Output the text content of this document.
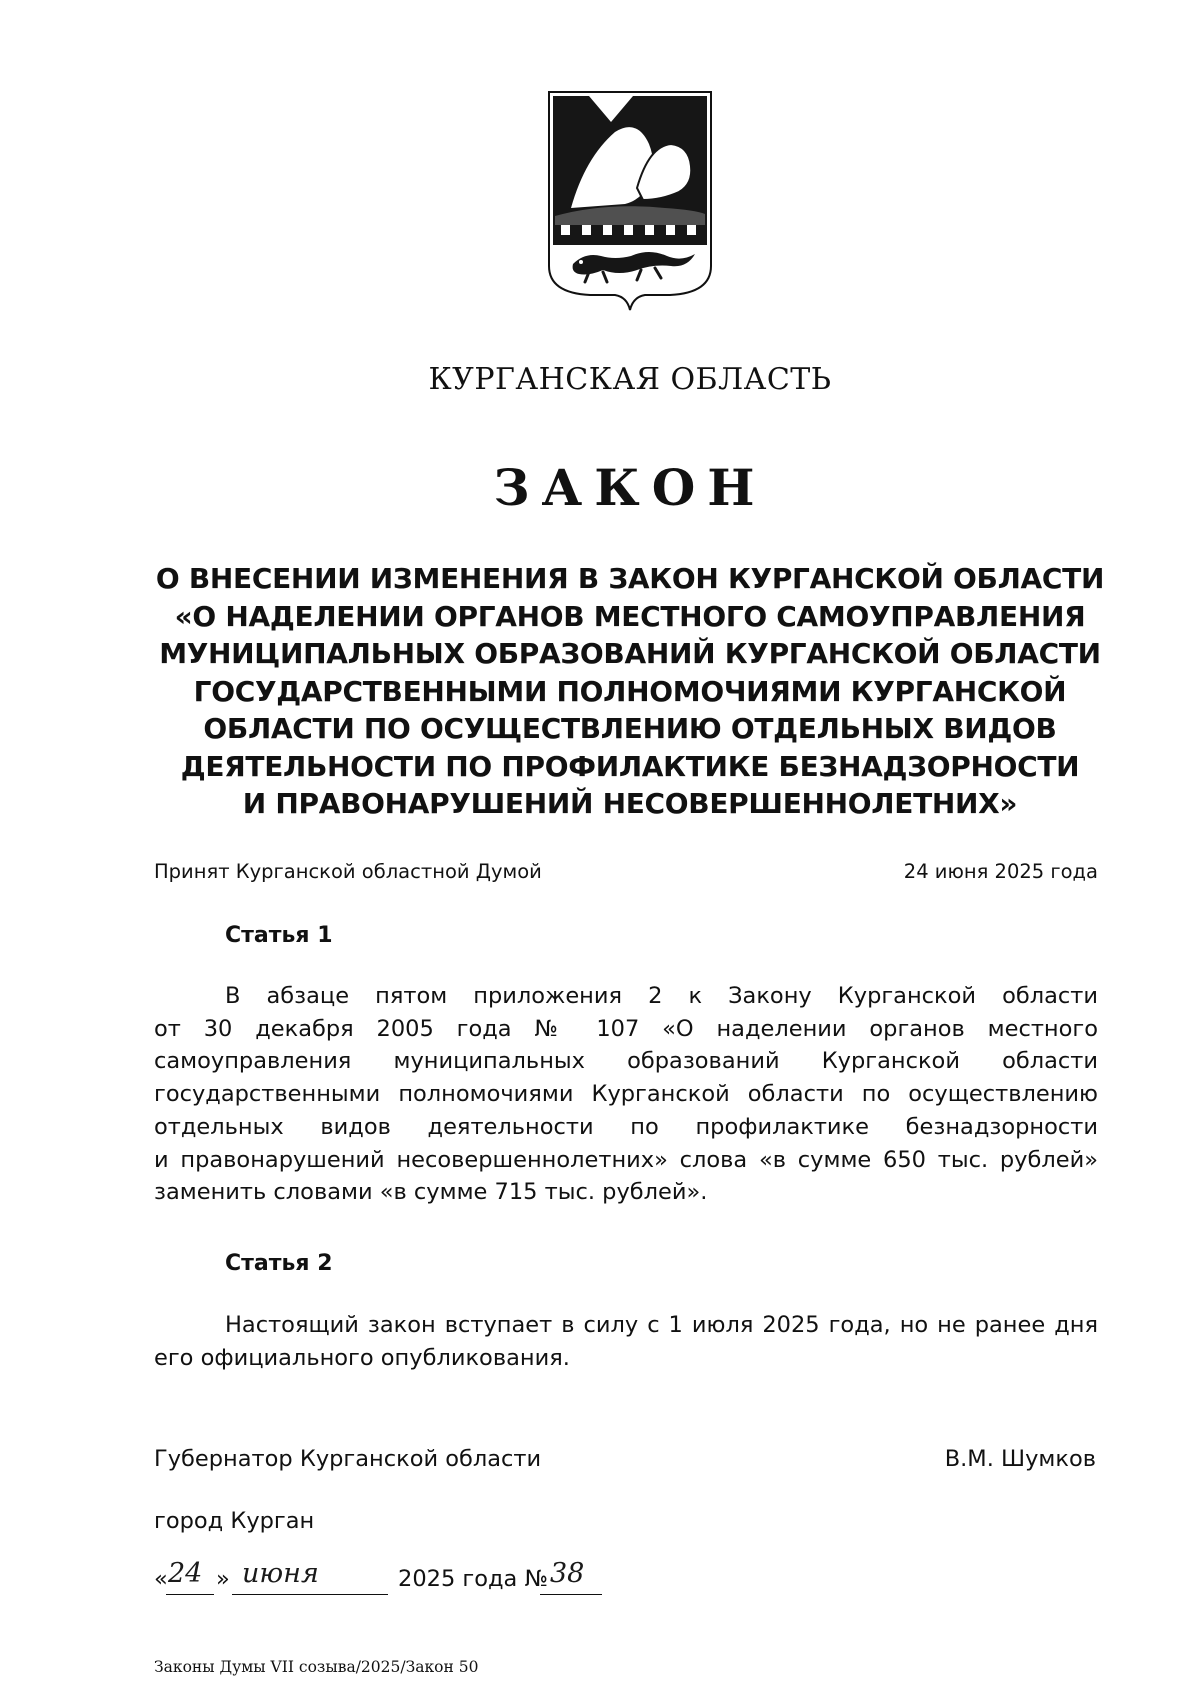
КУРГАНСКАЯ ОБЛАСТЬ
ЗАКОН
О ВНЕСЕНИИ ИЗМЕНЕНИЯ В ЗАКОН КУРГАНСКОЙ ОБЛАСТИ
«О НАДЕЛЕНИИ ОРГАНОВ МЕСТНОГО САМОУПРАВЛЕНИЯ
МУНИЦИПАЛЬНЫХ ОБРАЗОВАНИЙ КУРГАНСКОЙ ОБЛАСТИ
ГОСУДАРСТВЕННЫМИ ПОЛНОМОЧИЯМИ КУРГАНСКОЙ
ОБЛАСТИ ПО ОСУЩЕСТВЛЕНИЮ ОТДЕЛЬНЫХ ВИДОВ
ДЕЯТЕЛЬНОСТИ ПО ПРОФИЛАКТИКЕ БЕЗНАДЗОРНОСТИ
И ПРАВОНАРУШЕНИЙ НЕСОВЕРШЕННОЛЕТНИХ»
Принят Курганской областной Думой	24 июня 2025 года
Статья 1
В абзаце пятом приложения 2 к Закону Курганской области
от 30 декабря 2005 года № 107 «О наделении органов местного
самоуправления муниципальных образований Курганской области
государственными полномочиями Курганской области по осуществлению
отдельных видов деятельности по профилактике безнадзорности
и правонарушений несовершеннолетних» слова «в сумме 650 тыс. рублей»
заменить словами «в сумме 715 тыс. рублей».
Статья 2
Настоящий закон вступает в силу с 1 июля 2025 года, но не ранее дня
его официального опубликования.
Губернатор Курганской области	В.М. Шумков
город Курган
« 24 » июня	2025 года № 38
Законы Думы VII созыва/2025/Закон 50
